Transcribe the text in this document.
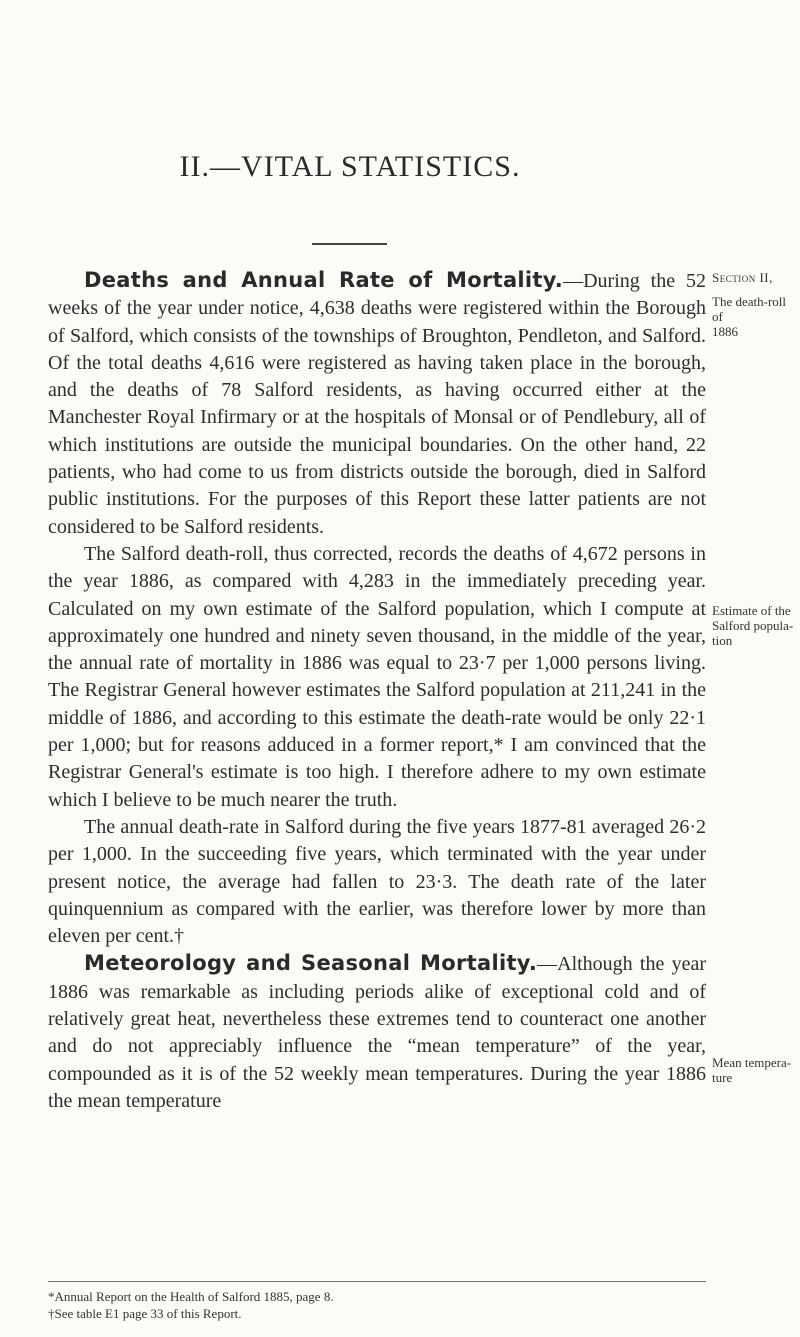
II.—VITAL STATISTICS.

Deaths and Annual Rate of Mortality.—During the 52 weeks of the year under notice, 4,638 deaths were registered within the Borough of Salford, which consists of the townships of Broughton, Pendleton, and Salford. Of the total deaths 4,616 were registered as having taken place in the borough, and the deaths of 78 Salford residents, as having occurred either at the Manchester Royal Infirmary or at the hospitals of Monsal or of Pendlebury, all of which institutions are outside the municipal boundaries. On the other hand, 22 patients, who had come to us from districts outside the borough, died in Salford public institutions. For the purposes of this Report these latter patients are not considered to be Salford residents.

The Salford death-roll, thus corrected, records the deaths of 4,672 persons in the year 1886, as compared with 4,283 in the immediately preceding year. Calculated on my own estimate of the Salford population, which I compute at approximately one hundred and ninety seven thousand, in the middle of the year, the annual rate of mortality in 1886 was equal to 23·7 per 1,000 persons living. The Registrar General however estimates the Salford population at 211,241 in the middle of 1886, and according to this estimate the death-rate would be only 22·1 per 1,000; but for reasons adduced in a former report,* I am convinced that the Registrar General's estimate is too high. I therefore adhere to my own estimate which I believe to be much nearer the truth.

The annual death-rate in Salford during the five years 1877-81 averaged 26·2 per 1,000. In the succeeding five years, which terminated with the year under present notice, the average had fallen to 23·3. The death rate of the later quinquennium as compared with the earlier, was therefore lower by more than eleven per cent.†

Meteorology and Seasonal Mortality.—Although the year 1886 was remarkable as including periods alike of exceptional cold and of relatively great heat, nevertheless these extremes tend to counteract one another and do not appreciably influence the “mean temperature” of the year, compounded as it is of the 52 weekly mean temperatures. During the year 1886 the mean temperature

Section II,
The death-roll of
1886
Estimate of the
Salford popula-
tion
Mean tempera-
ture
*Annual Report on the Health of Salford 1885, page 8.
†See table E1 page 33 of this Report.
